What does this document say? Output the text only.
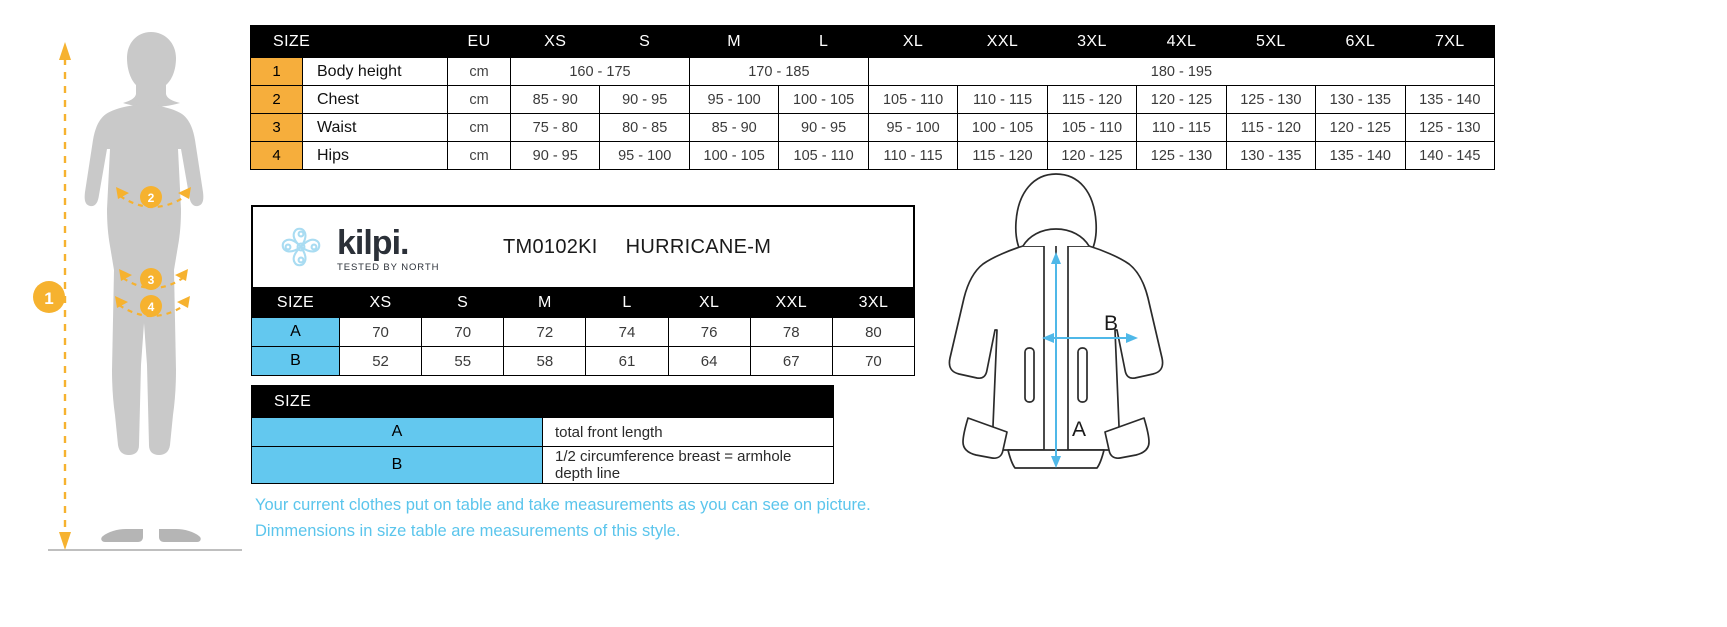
1
2
3
4
SIZE		EU	XS	S	M	L	XL	XXL	3XL	4XL	5XL	6XL	7XL
1	Body height	cm	160 - 175		170 - 185		180 - 195						
2	Chest	cm	85 - 90	90 - 95	95 - 100	100 - 105	105 - 110	110 - 115	115 - 120	120 - 125	125 - 130	130 - 135	135 - 140
3	Waist	cm	75 - 80	80 - 85	85 - 90	90 - 95	95 - 100	100 - 105	105 - 110	110 - 115	115 - 120	120 - 125	125 - 130
4	Hips	cm	90 - 95	95 - 100	100 - 105	105 - 110	110 - 115	115 - 120	120 - 125	125 - 130	130 - 135	135 - 140	140 - 145
kilpi.
TESTED BY NORTH
TM0102KI HURRICANE-M
SIZE	XS	S	M	L	XL	XXL	3XL
A	70	70	72	74	76	78	80
B	52	55	58	61	64	67	70
SIZE	
A	total front length
B	1/2 circumference breast = armhole depth line
Your current clothes put on table and take measurements as you can see on picture.
Dimmensions in size table are measurements of this style.
A
B
